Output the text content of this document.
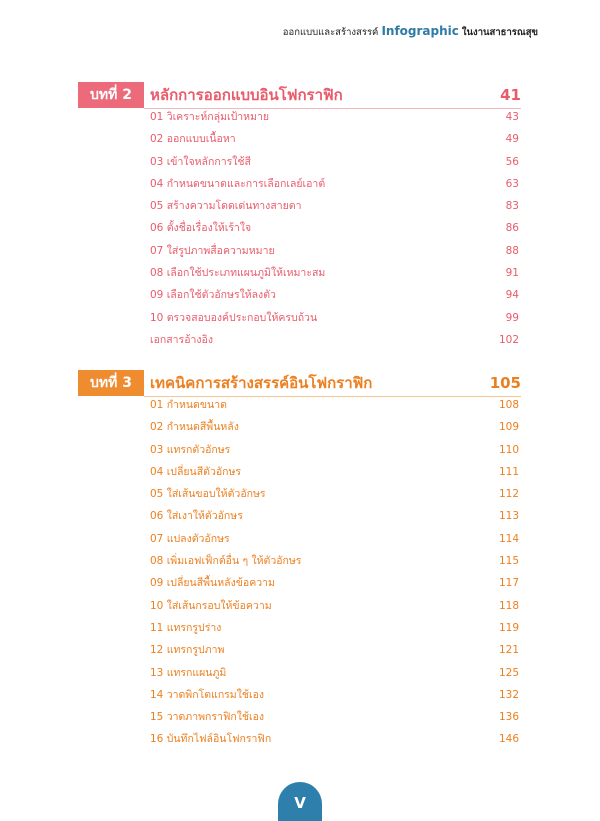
ออกแบบและสร้างสรรค์ Infographic ในงานสาธารณสุข
บทที่ 2	หลักการออกแบบอินโฟกราฟิก	41
01 วิเคราะห์กลุ่มเป้าหมาย	43
02 ออกแบบเนื้อหา	49
03 เข้าใจหลักการใช้สี	56
04 กำหนดขนาดและการเลือกเลย์เอาต์	63
05 สร้างความโดดเด่นทางสายตา	83
06 ตั้งชื่อเรื่องให้เร้าใจ	86
07 ใส่รูปภาพสื่อความหมาย	88
08 เลือกใช้ประเภทแผนภูมิให้เหมาะสม	91
09 เลือกใช้ตัวอักษรให้ลงตัว	94
10 ตรวจสอบองค์ประกอบให้ครบถ้วน	99
เอกสารอ้างอิง	102
บทที่ 3	เทคนิคการสร้างสรรค์อินโฟกราฟิก	105
01 กำหนดขนาด	108
02 กำหนดสีพื้นหลัง	109
03 แทรกตัวอักษร	110
04 เปลี่ยนสีตัวอักษร	111
05 ใส่เส้นขอบให้ตัวอักษร	112
06 ใส่เงาให้ตัวอักษร	113
07 แปลงตัวอักษร	114
08 เพิ่มเอฟเฟ็กต์อื่น ๆ ให้ตัวอักษร	115
09 เปลี่ยนสีพื้นหลังข้อความ	117
10 ใส่เส้นกรอบให้ข้อความ	118
11 แทรกรูปร่าง	119
12 แทรกรูปภาพ	121
13 แทรกแผนภูมิ	125
14 วาดพิกโตแกรมใช้เอง	132
15 วาดภาพกราฟิกใช้เอง	136
16 บันทึกไฟล์อินโฟกราฟิก	146
V
